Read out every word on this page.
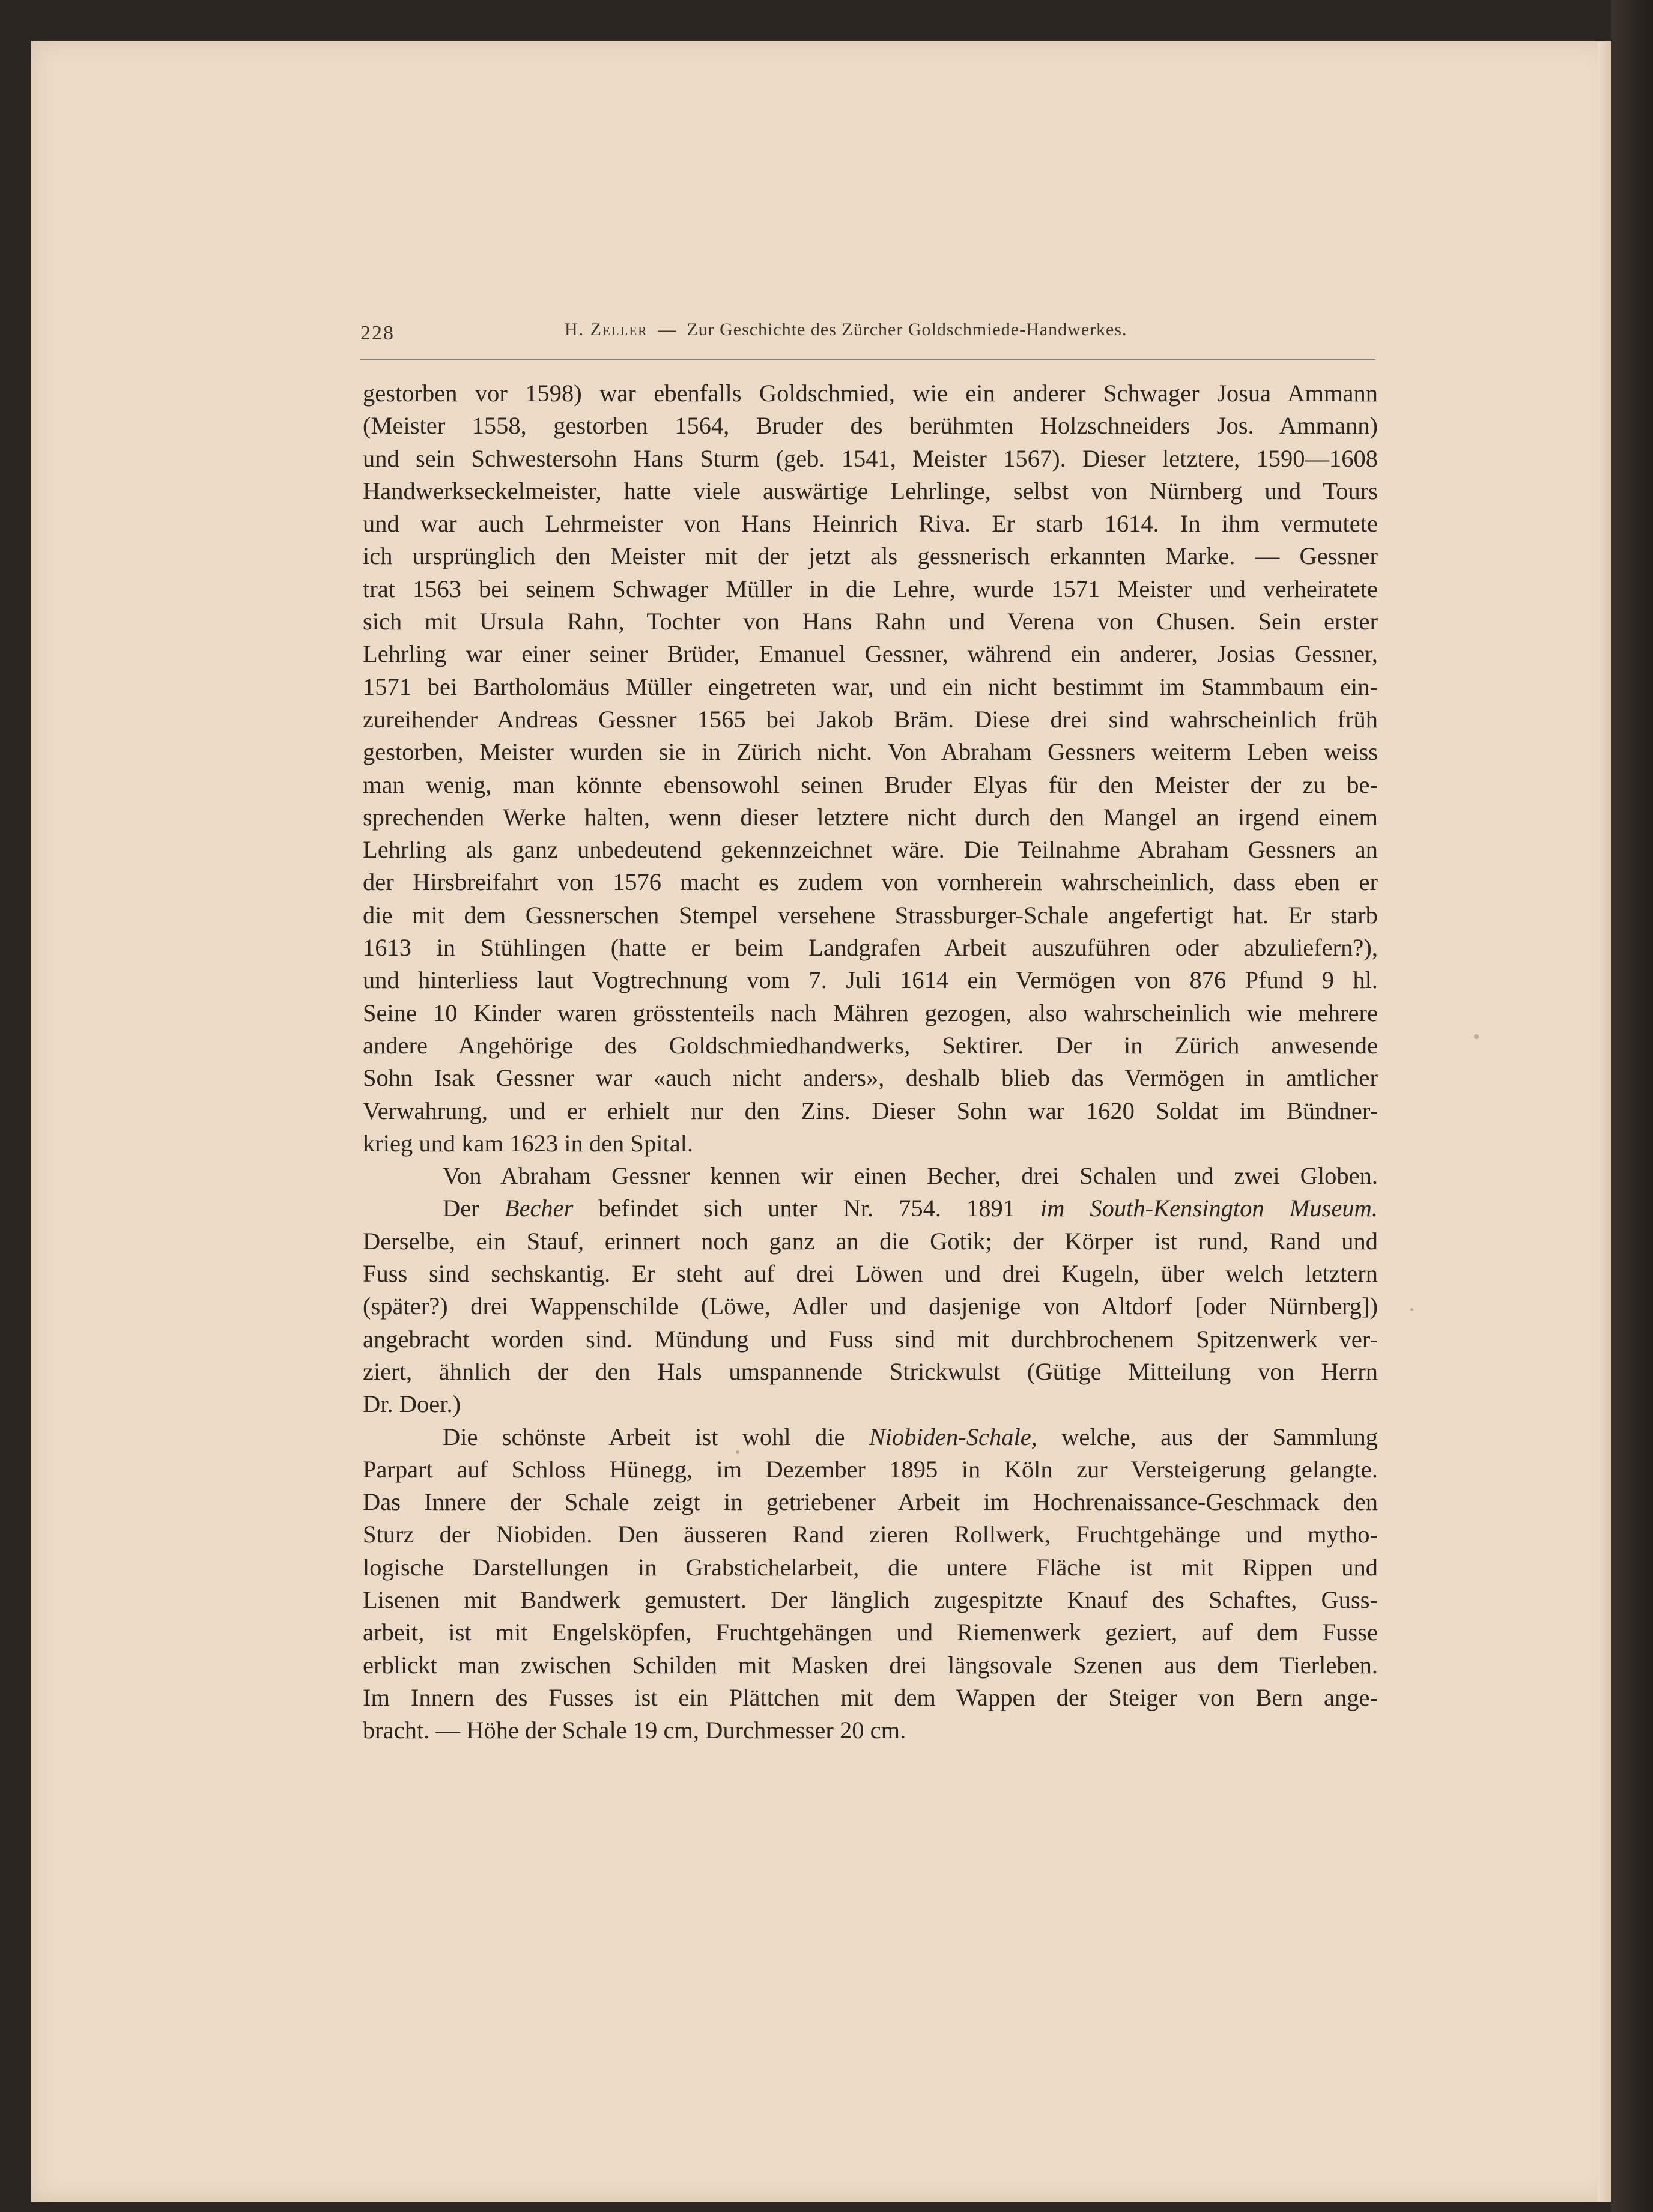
228	H. Zeller — Zur Geschichte des Zürcher Goldschmiede-Handwerkes.
gestorben vor 1598) war ebenfalls Goldschmied, wie ein anderer Schwager Josua Ammann
(Meister 1558, gestorben 1564, Bruder des berühmten Holzschneiders Jos. Ammann)
und sein Schwestersohn Hans Sturm (geb. 1541, Meister 1567). Dieser letztere, 1590—1608
Handwerkseckelmeister, hatte viele auswärtige Lehrlinge, selbst von Nürnberg und Tours
und war auch Lehrmeister von Hans Heinrich Riva. Er starb 1614. In ihm vermutete
ich ursprünglich den Meister mit der jetzt als gessnerisch erkannten Marke. — Gessner
trat 1563 bei seinem Schwager Müller in die Lehre, wurde 1571 Meister und verheiratete
sich mit Ursula Rahn, Tochter von Hans Rahn und Verena von Chusen. Sein erster
Lehrling war einer seiner Brüder, Emanuel Gessner, während ein anderer, Josias Gessner,
1571 bei Bartholomäus Müller eingetreten war, und ein nicht bestimmt im Stammbaum ein-
zureihender Andreas Gessner 1565 bei Jakob Bräm. Diese drei sind wahrscheinlich früh
gestorben, Meister wurden sie in Zürich nicht. Von Abraham Gessners weiterm Leben weiss
man wenig, man könnte ebensowohl seinen Bruder Elyas für den Meister der zu be-
sprechenden Werke halten, wenn dieser letztere nicht durch den Mangel an irgend einem
Lehrling als ganz unbedeutend gekennzeichnet wäre. Die Teilnahme Abraham Gessners an
der Hirsbreifahrt von 1576 macht es zudem von vornherein wahrscheinlich, dass eben er
die mit dem Gessnerschen Stempel versehene Strassburger-Schale angefertigt hat. Er starb
1613 in Stühlingen (hatte er beim Landgrafen Arbeit auszuführen oder abzuliefern?),
und hinterliess laut Vogtrechnung vom 7. Juli 1614 ein Vermögen von 876 Pfund 9 hl.
Seine 10 Kinder waren grösstenteils nach Mähren gezogen, also wahrscheinlich wie mehrere
andere Angehörige des Goldschmiedhandwerks, Sektirer. Der in Zürich anwesende
Sohn Isak Gessner war «auch nicht anders», deshalb blieb das Vermögen in amtlicher
Verwahrung, und er erhielt nur den Zins. Dieser Sohn war 1620 Soldat im Bündner-
krieg und kam 1623 in den Spital.
Von Abraham Gessner kennen wir einen Becher, drei Schalen und zwei Globen.
Der Becher befindet sich unter Nr. 754. 1891 im South-Kensington Museum.
Derselbe, ein Stauf, erinnert noch ganz an die Gotik; der Körper ist rund, Rand und
Fuss sind sechskantig. Er steht auf drei Löwen und drei Kugeln, über welch letztern
(später?) drei Wappenschilde (Löwe, Adler und dasjenige von Altdorf [oder Nürnberg])
angebracht worden sind. Mündung und Fuss sind mit durchbrochenem Spitzenwerk ver-
ziert, ähnlich der den Hals umspannende Strickwulst (Gütige Mitteilung von Herrn
Dr. Doer.)
Die schönste Arbeit ist wohl die Niobiden-Schale, welche, aus der Sammlung
Parpart auf Schloss Hünegg, im Dezember 1895 in Köln zur Versteigerung gelangte.
Das Innere der Schale zeigt in getriebener Arbeit im Hochrenaissance-Geschmack den
Sturz der Niobiden. Den äusseren Rand zieren Rollwerk, Fruchtgehänge und mytho-
logische Darstellungen in Grabstichelarbeit, die untere Fläche ist mit Rippen und
Lisenen mit Bandwerk gemustert. Der länglich zugespitzte Knauf des Schaftes, Guss-
arbeit, ist mit Engelsköpfen, Fruchtgehängen und Riemenwerk geziert, auf dem Fusse
erblickt man zwischen Schilden mit Masken drei längsovale Szenen aus dem Tierleben.
Im Innern des Fusses ist ein Plättchen mit dem Wappen der Steiger von Bern ange-
bracht. — Höhe der Schale 19 cm, Durchmesser 20 cm.
